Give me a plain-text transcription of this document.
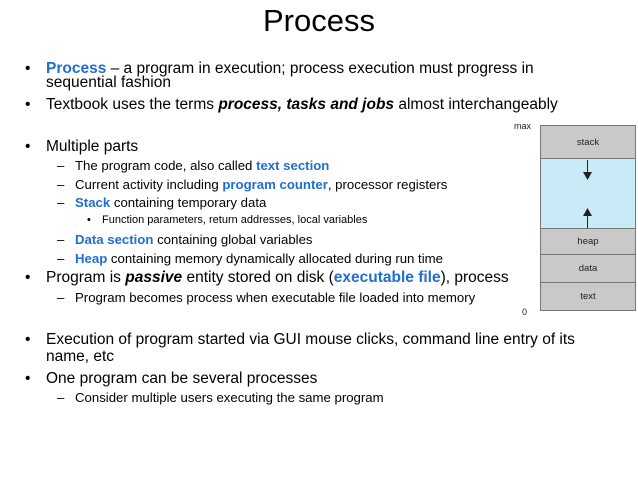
Process
• Process – a program in execution; process execution must progress in
sequential fashion
• Textbook uses the terms process, tasks and jobs almost interchangeably
• Multiple parts
– The program code, also called text section
– Current activity including program counter, processor registers
– Stack containing temporary data
• Function parameters, return addresses, local variables
– Data section containing global variables
– Heap containing memory dynamically allocated during run time
• Program is passive entity stored on disk (executable file), process
– Program becomes process when executable file loaded into memory
• Execution of program started via GUI mouse clicks, command line entry of its
name, etc
• One program can be several processes
– Consider multiple users executing the same program
max
0
stack
heap
data
text
